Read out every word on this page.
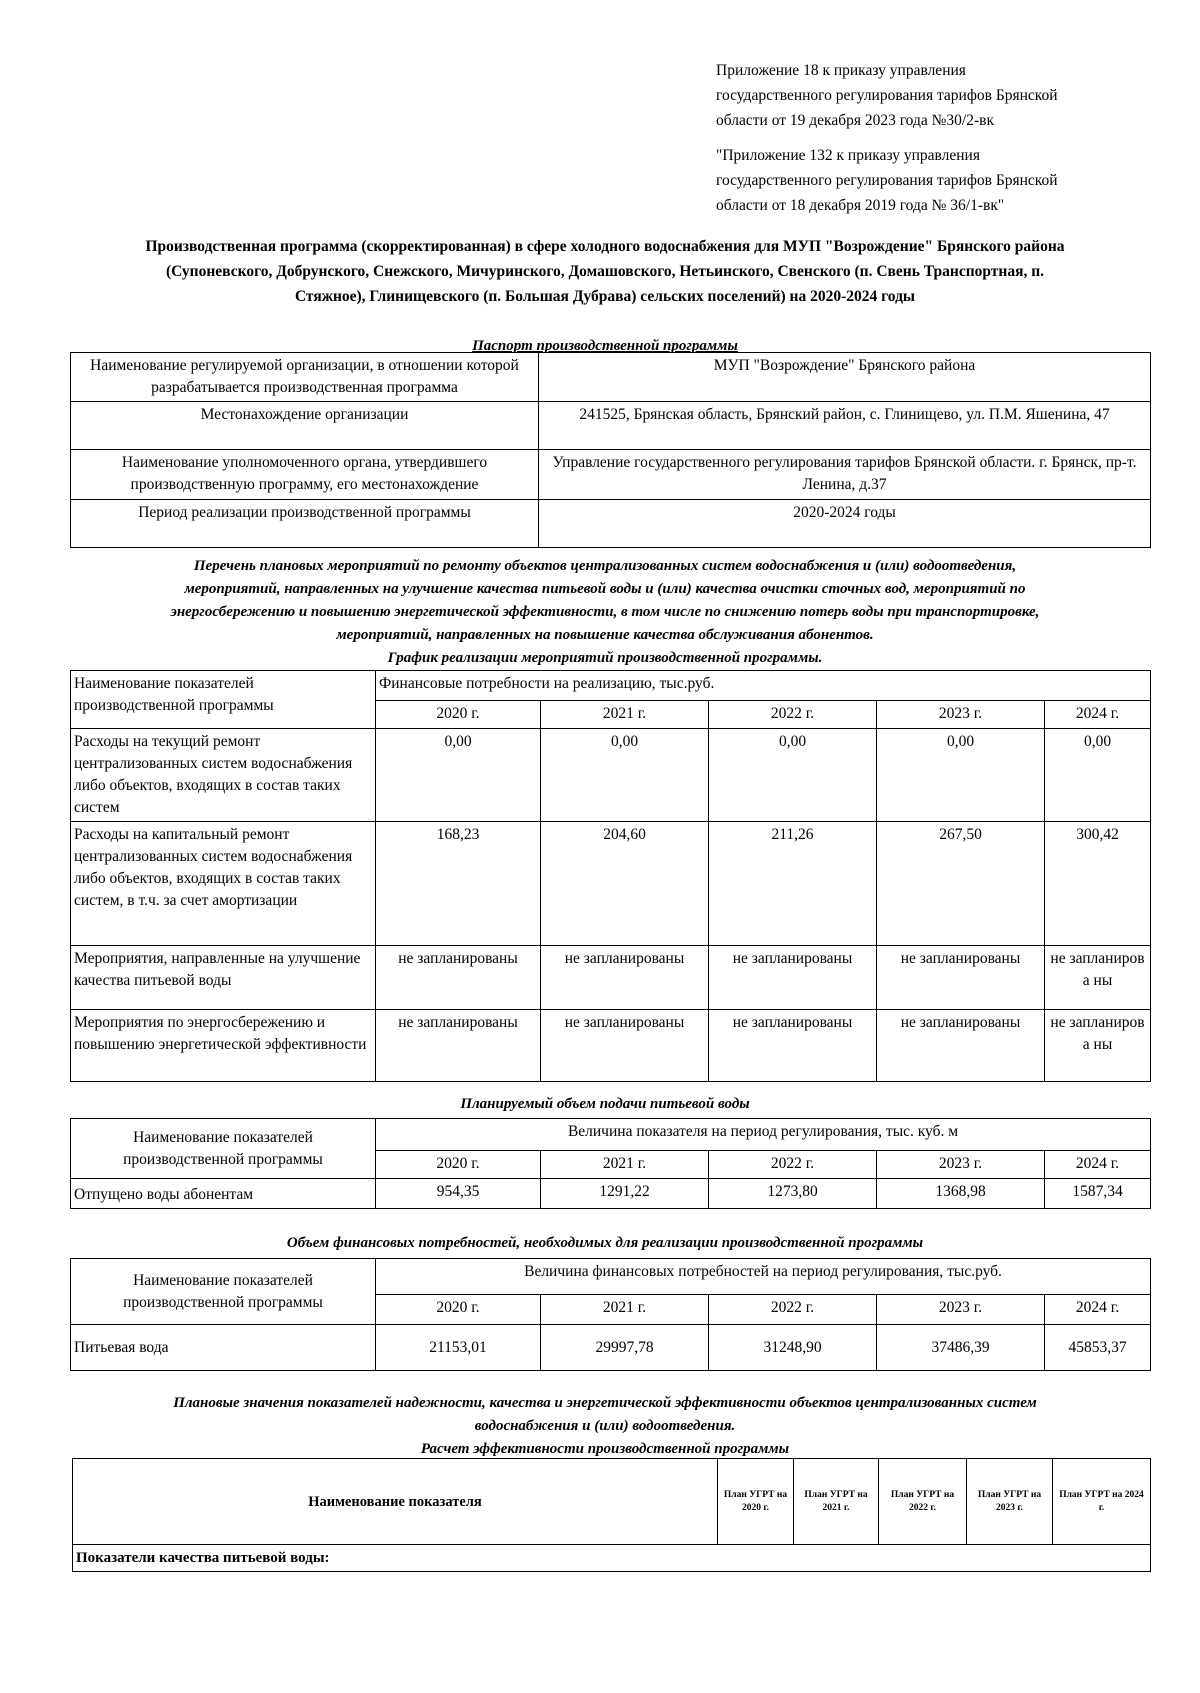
Приложение 18 к приказу управления
государственного регулирования тарифов Брянской
области от 19 декабря 2023 года №30/2-вк
"Приложение 132 к приказу управления
государственного регулирования тарифов Брянской
области от 18 декабря 2019 года № 36/1-вк"
Производственная программа (скорректированная) в сфере холодного водоснабжения для МУП "Возрождение" Брянского района
(Супоневского, Добрунского, Снежского, Мичуринского, Домашовского, Нетьинского, Свенского (п. Свень Транспортная, п.
Стяжное), Глинищевского (п. Большая Дубрава) сельских поселений) на 2020-2024 годы
Паспорт производственной программы
Наименование регулируемой организации, в отношении которой разрабатывается производственная программа	МУП "Возрождение" Брянского района
Местонахождение организации	241525, Брянская область, Брянский район, с. Глинищево, ул. П.М. Яшенина, 47
Наименование уполномоченного органа, утвердившего производственную программу, его местонахождение	Управление государственного регулирования тарифов Брянской области. г. Брянск, пр-т. Ленина, д.37
Период реализации производственной программы	2020-2024 годы
Перечень плановых мероприятий по ремонту объектов централизованных систем водоснабжения и (или) водоотведения,
мероприятий, направленных на улучшение качества питьевой воды и (или) качества очистки сточных вод, мероприятий по
энергосбережению и повышению энергетической эффективности, в том числе по снижению потерь воды при транспортировке,
мероприятий, направленных на повышение качества обслуживания абонентов.
График реализации мероприятий производственной программы.
Наименование показателей производственной программы	Финансовые потребности на реализацию, тыс.руб.				
	2020 г.	2021 г.	2022 г.	2023 г.	2024 г.
Расходы на текущий ремонт централизованных систем водоснабжения либо объектов, входящих в состав таких систем	0,00	0,00	0,00	0,00	0,00
Расходы на капитальный ремонт централизованных систем водоснабжения либо объектов, входящих в состав таких систем, в т.ч. за счет амортизации	168,23	204,60	211,26	267,50	300,42
Мероприятия, направленные на улучшение качества питьевой воды	не запланированы	не запланированы	не запланированы	не запланированы	не запланирова ны
Мероприятия по энергосбережению и повышению энергетической эффективности	не запланированы	не запланированы	не запланированы	не запланированы	не запланирова ны
Планируемый объем подачи питьевой воды
Наименование показателей производственной программы	Величина показателя на период регулирования, тыс. куб. м				
	2020 г.	2021 г.	2022 г.	2023 г.	2024 г.
Отпущено воды абонентам	954,35	1291,22	1273,80	1368,98	1587,34
Объем финансовых потребностей, необходимых для реализации производственной программы
Наименование показателей производственной программы	Величина финансовых потребностей на период регулирования, тыс.руб.				
	2020 г.	2021 г.	2022 г.	2023 г.	2024 г.
Питьевая вода	21153,01	29997,78	31248,90	37486,39	45853,37
Плановые значения показателей надежности, качества и энергетической эффективности объектов централизованных систем
водоснабжения и (или) водоотведения.
Расчет эффективности производственной программы
Наименование показателя	План УГРТ на 2020 г.	План УГРТ на 2021 г.	План УГРТ на 2022 г.	План УГРТ на 2023 г.	План УГРТ на 2024 г.
Показатели качества питьевой воды:
